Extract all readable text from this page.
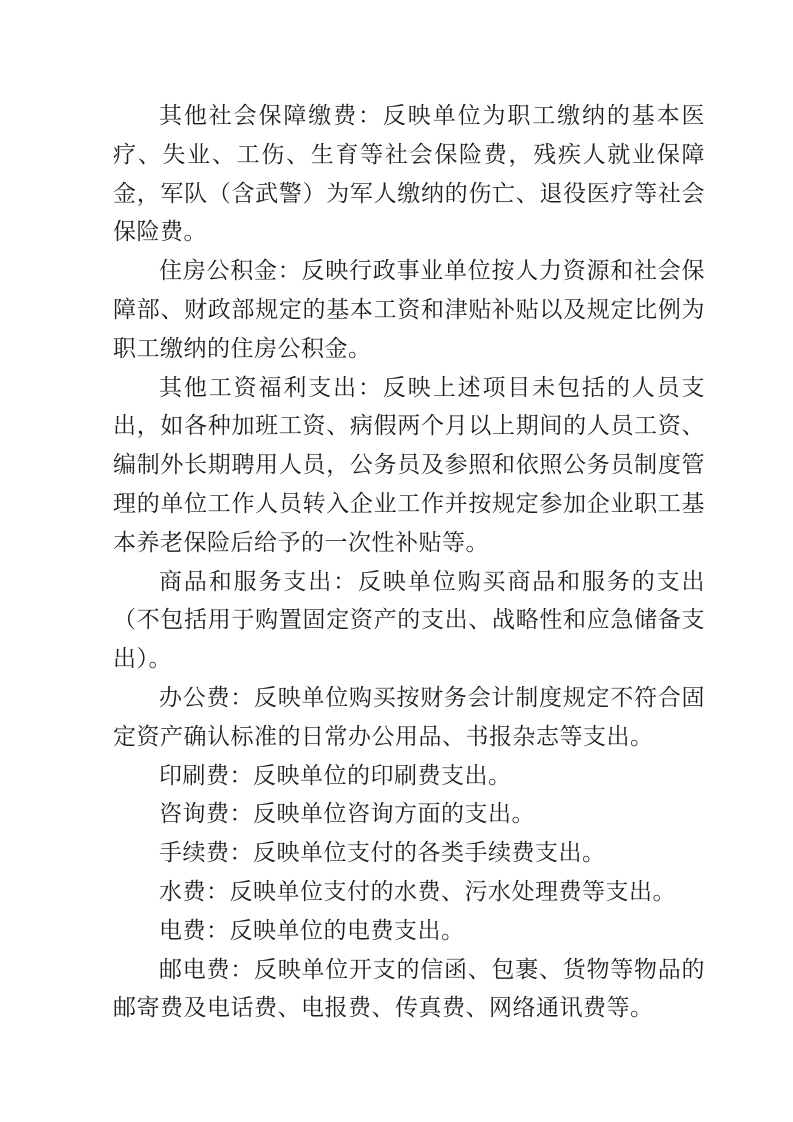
其他社会保障缴费：反映单位为职工缴纳的基本医疗、失业、工伤、生育等社会保险费，残疾人就业保障金，军队（含武警）为军人缴纳的伤亡、退役医疗等社会保险费。

住房公积金：反映行政事业单位按人力资源和社会保障部、财政部规定的基本工资和津贴补贴以及规定比例为职工缴纳的住房公积金。

其他工资福利支出：反映上述项目未包括的人员支出，如各种加班工资、病假两个月以上期间的人员工资、编制外长期聘用人员，公务员及参照和依照公务员制度管理的单位工作人员转入企业工作并按规定参加企业职工基本养老保险后给予的一次性补贴等。

商品和服务支出：反映单位购买商品和服务的支出（不包括用于购置固定资产的支出、战略性和应急储备支出）。

办公费：反映单位购买按财务会计制度规定不符合固定资产确认标准的日常办公用品、书报杂志等支出。

印刷费：反映单位的印刷费支出。

咨询费：反映单位咨询方面的支出。

手续费：反映单位支付的各类手续费支出。

水费：反映单位支付的水费、污水处理费等支出。

电费：反映单位的电费支出。

邮电费：反映单位开支的信函、包裹、货物等物品的邮寄费及电话费、电报费、传真费、网络通讯费等。
